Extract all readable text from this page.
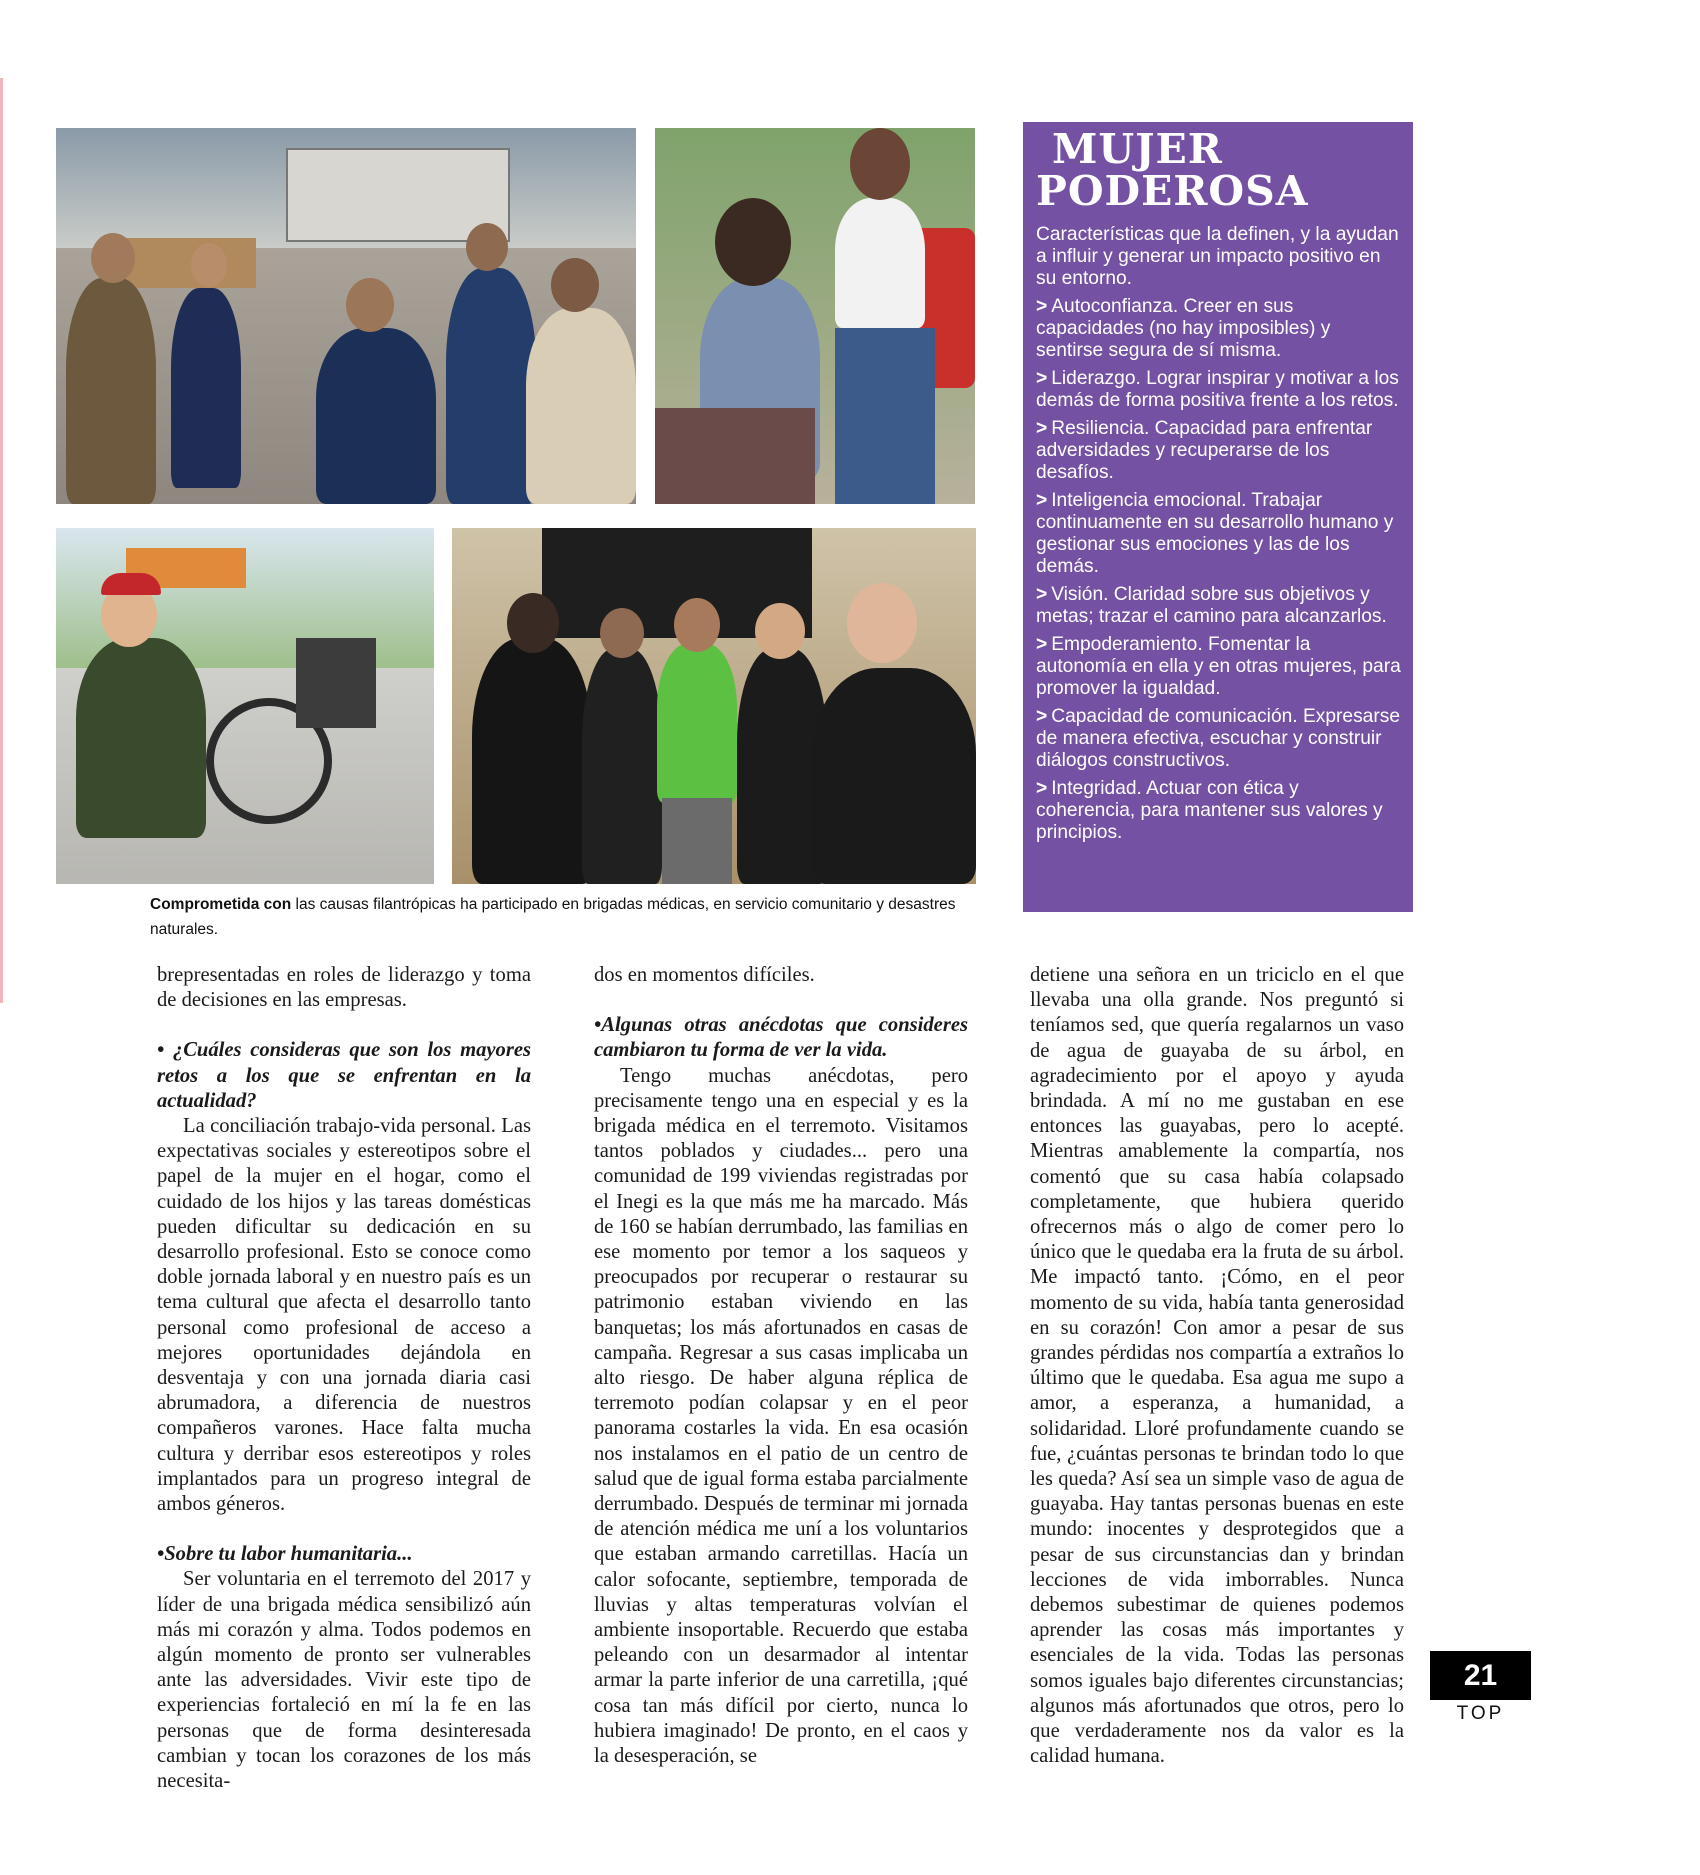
Comprometida con las causas filantrópicas ha participado en brigadas médicas, en servicio comunitario y desastres naturales.
MUJER
PODEROSA

Características que la definen, y la ayudan a influir y generar un impacto positivo en su entorno.

> Autoconfianza. Creer en sus capacidades (no hay imposibles) y sentirse segura de sí misma.

> Liderazgo. Lograr inspirar y motivar a los demás de forma positiva frente a los retos.

> Resiliencia. Capacidad para enfrentar adversidades y recuperarse de los desafíos.

> Inteligencia emocional. Trabajar continuamente en su desarrollo humano y gestionar sus emociones y las de los demás.

> Visión. Claridad sobre sus objetivos y metas; trazar el camino para alcanzarlos.

> Empoderamiento. Fomentar la autonomía en ella y en otras mujeres, para promover la igualdad.

> Capacidad de comunicación. Expresarse de manera efectiva, escuchar y construir diálogos constructivos.

> Integridad. Actuar con ética y coherencia, para mantener sus valores y principios.

brepresentadas en roles de liderazgo y toma de decisiones en las empresas.

• ¿Cuáles consideras que son los mayores retos a los que se enfrentan en la actualidad?

La conciliación trabajo-vida personal. Las expectativas sociales y estereotipos sobre el papel de la mujer en el hogar, como el cuidado de los hijos y las tareas domésticas pueden dificultar su dedicación en su desarrollo profesional. Esto se conoce como doble jornada laboral y en nuestro país es un tema cultural que afecta el desarrollo tanto personal como profesional de acceso a mejores oportunidades dejándola en desventaja y con una jornada diaria casi abrumadora, a diferencia de nuestros compañeros varones. Hace falta mucha cultura y derribar esos estereotipos y roles implantados para un progreso integral de ambos géneros.

•Sobre tu labor humanitaria...

Ser voluntaria en el terremoto del 2017 y líder de una brigada médica sensibilizó aún más mi corazón y alma. Todos podemos en algún momento de pronto ser vulnerables ante las adversidades. Vivir este tipo de experiencias fortaleció en mí la fe en las personas que de forma desinteresada cambian y tocan los corazones de los más necesita-

dos en momentos difíciles.

•Algunas otras anécdotas que consideres cambiaron tu forma de ver la vida.

Tengo muchas anécdotas, pero precisamente tengo una en especial y es la brigada médica en el terremoto. Visitamos tantos poblados y ciudades... pero una comunidad de 199 viviendas registradas por el Inegi es la que más me ha marcado. Más de 160 se habían derrumbado, las familias en ese momento por temor a los saqueos y preocupados por recuperar o restaurar su patrimonio estaban viviendo en las banquetas; los más afortunados en casas de campaña. Regresar a sus casas implicaba un alto riesgo. De haber alguna réplica de terremoto podían colapsar y en el peor panorama costarles la vida. En esa ocasión nos instalamos en el patio de un centro de salud que de igual forma estaba parcialmente derrumbado. Después de terminar mi jornada de atención médica me uní a los voluntarios que estaban armando carretillas. Hacía un calor sofocante, septiembre, temporada de lluvias y altas temperaturas volvían el ambiente insoportable. Recuerdo que estaba peleando con un desarmador al intentar armar la parte inferior de una carretilla, ¡qué cosa tan más difícil por cierto, nunca lo hubiera imaginado! De pronto, en el caos y la desesperación, se

detiene una señora en un triciclo en el que llevaba una olla grande. Nos preguntó si teníamos sed, que quería regalarnos un vaso de agua de guayaba de su árbol, en agradecimiento por el apoyo y ayuda brindada. A mí no me gustaban en ese entonces las guayabas, pero lo acepté. Mientras amablemente la compartía, nos comentó que su casa había colapsado completamente, que hubiera querido ofrecernos más o algo de comer pero lo único que le quedaba era la fruta de su árbol. Me impactó tanto. ¡Cómo, en el peor momento de su vida, había tanta generosidad en su corazón! Con amor a pesar de sus grandes pérdidas nos compartía a extraños lo último que le quedaba. Esa agua me supo a amor, a esperanza, a humanidad, a solidaridad. Lloré profundamente cuando se fue, ¿cuántas personas te brindan todo lo que les queda? Así sea un simple vaso de agua de guayaba. Hay tantas personas buenas en este mundo: inocentes y desprotegidos que a pesar de sus circunstancias dan y brindan lecciones de vida imborrables. Nunca debemos subestimar de quienes podemos aprender las cosas más importantes y esenciales de la vida. Todas las personas somos iguales bajo diferentes circunstancias; algunos más afortunados que otros, pero lo que verdaderamente nos da valor es la calidad humana.

21
TOP
